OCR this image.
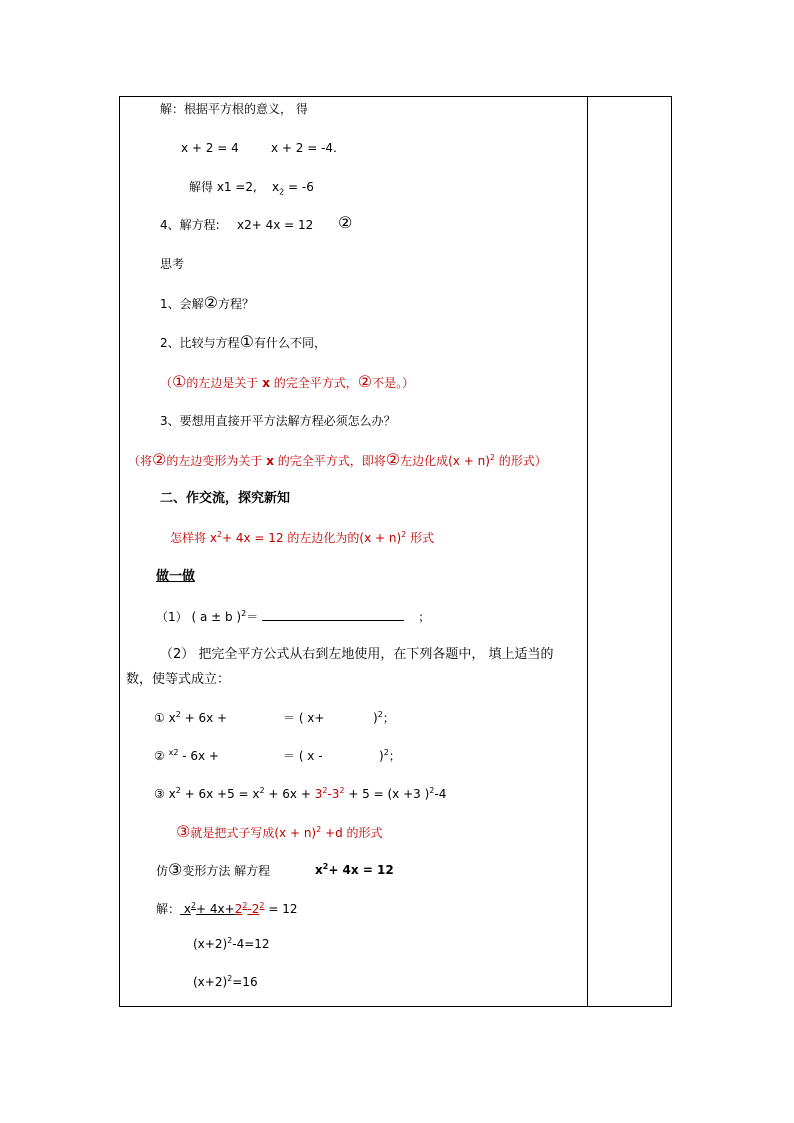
解：根据平方根的意义， 得
x + 2 = 4	x + 2 = -4.
解得 x1 =2, $x_2 = -6$
4、解方程: x2+ 4x = 12 ②
思考
1、会解②方程？
2、比较与方程①有什么不同，
（①的左边是关于 x 的完全平方式，②不是。）
3、要想用直接开平方法解方程必须怎么办？
（将②的左边变形为关于 x 的完全平方式，即将②左边化成$(x + n)^2$ 的形式）
二、作交流，探究新知
怎样将 $x^2+ 4x = 12$ 的左边化为的$(x + n)^2$ 形式
做一做
（1） ( a ± b )$^2$＝	；
（2） 把完全平方公式从右到左地使用，在下列各题中， 填上适当的
数，使等式成立：
① $x^2 + 6x$ +	＝ ( x+	)$^2$；
② $^{x2}$ - 6x +	＝ ( x -	)$^2$；
③ $x^2 + 6x +5 = x^2 + 6x + 3^2-3^2 + 5 = (x +3$ )$^2$-4
③就是把式子写成$(x + n)^2 +d$ 的形式
仿③变形方法 解方程	$x^2+ 4x = 12$
解： $x^2+ 4x+2^2-2^2 = 12$
$(x+2)^2-4=12$
$(x+2)^2=16$
